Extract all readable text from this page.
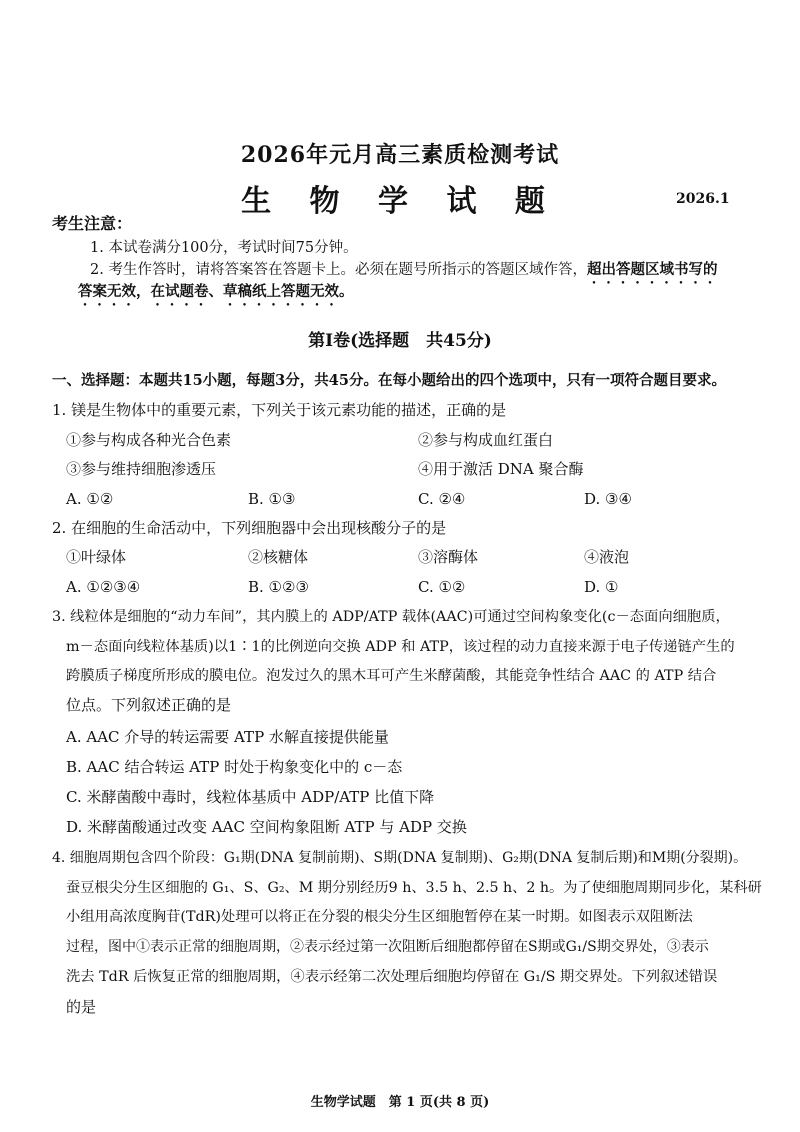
2026年元月高三素质检测考试
生 物 学 试 题	2026.1
考生注意：
1. 本试卷满分100分，考试时间75分钟。
2. 考生作答时，请将答案答在答题卡上。必须在题号所指示的答题区域作答，超出答题区域书写的
答案无效，在试题卷、草稿纸上答题无效。
第Ⅰ卷(选择题　共45分)
一、选择题：本题共15小题，每题3分，共45分。在每小题给出的四个选项中，只有一项符合题目要求。
1. 镁是生物体中的重要元素，下列关于该元素功能的描述，正确的是
①参与构成各种光合色素	②参与构成血红蛋白
③参与维持细胞渗透压	④用于激活 DNA 聚合酶
A. ①②	B. ①③	C. ②④	D. ③④
2. 在细胞的生命活动中，下列细胞器中会出现核酸分子的是
①叶绿体	②核糖体	③溶酶体	④液泡
A. ①②③④	B. ①②③	C. ①②	D. ①
3. 线粒体是细胞的“动力车间”，其内膜上的 ADP/ATP 载体(AAC)可通过空间构象变化(c－态面向细胞质，
m－态面向线粒体基质)以1∶1的比例逆向交换 ADP 和 ATP，该过程的动力直接来源于电子传递链产生的
跨膜质子梯度所形成的膜电位。泡发过久的黑木耳可产生米酵菌酸，其能竞争性结合 AAC 的 ATP 结合
位点。下列叙述正确的是
A. AAC 介导的转运需要 ATP 水解直接提供能量
B. AAC 结合转运 ATP 时处于构象变化中的 c－态
C. 米酵菌酸中毒时，线粒体基质中 ADP/ATP 比值下降
D. 米酵菌酸通过改变 AAC 空间构象阻断 ATP 与 ADP 交换
4. 细胞周期包含四个阶段：G₁期(DNA 复制前期)、S期(DNA 复制期)、G₂期(DNA 复制后期)和M期(分裂期)。
蚕豆根尖分生区细胞的 G₁、S、G₂、M 期分别经历9 h、3.5 h、2.5 h、2 h。为了使细胞周期同步化，某科研
小组用高浓度胸苷(TdR)处理可以将正在分裂的根尖分生区细胞暂停在某一时期。如图表示双阻断法
过程，图中①表示正常的细胞周期，②表示经过第一次阻断后细胞都停留在S期或G₁/S期交界处，③表示
洗去 TdR 后恢复正常的细胞周期，④表示经第二次处理后细胞均停留在 G₁/S 期交界处。下列叙述错误
的是
生物学试题　第 1 页(共 8 页)
